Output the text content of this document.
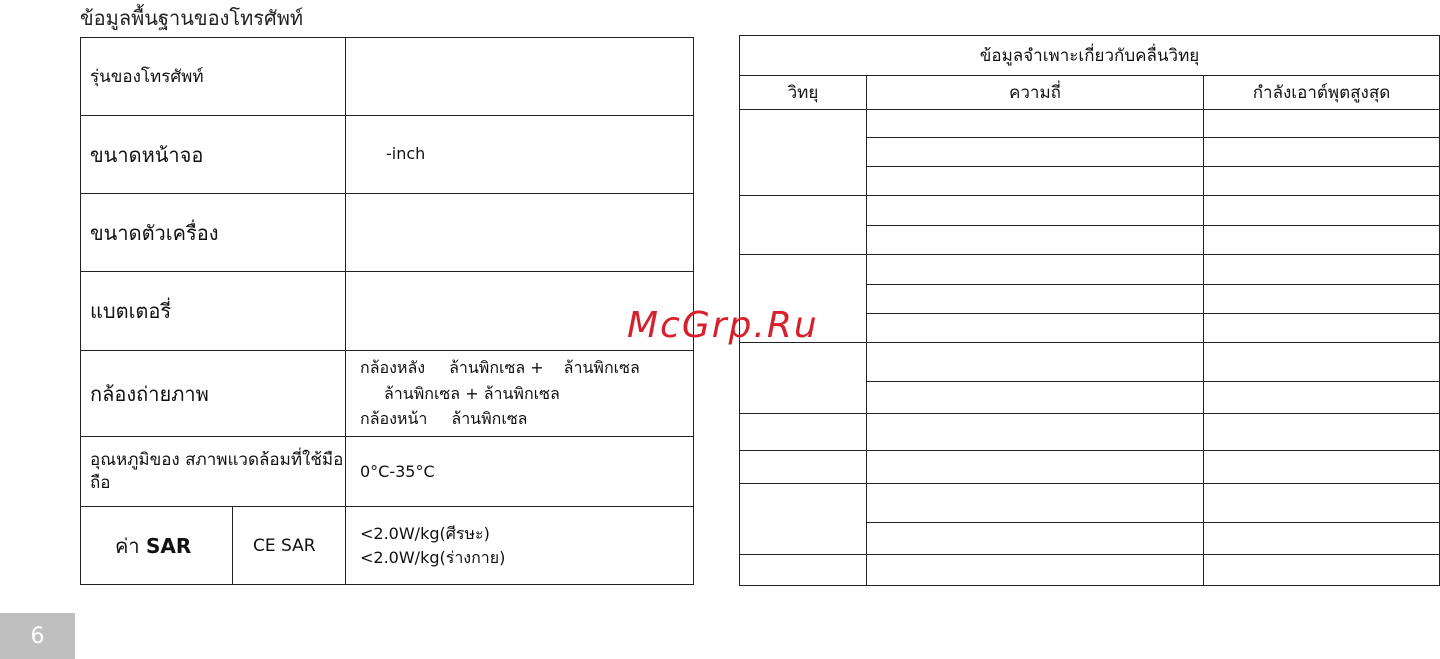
ข้อมูลพื้นฐานของโทรศัพท์
รุ่นของโทรศัพท์		
ขนาดหน้าจอ		-inch
ขนาดตัวเครื่อง		
แบตเตอรี่		
กล้องถ่ายภาพ		กล้องหลัง ล้านพิกเซล + ล้านพิกเซล
ล้านพิกเซล + ล้านพิกเซล
กล้องหน้า ล้านพิกเซล

อุณหภูมิของ สภาพแวดล้อมที่ใช้มือถือ		0°C-35°C
ค่า SAR	CE SAR	<2.0W/kg(ศีรษะ)
<2.0W/kg(ร่างกาย)
ข้อมูลจำเพาะเกี่ยวกับคลื่นวิทยุ		
วิทยุ	ความถี่	กำลังเอาต์พุตสูงสุด

McGrp.Ru
6
